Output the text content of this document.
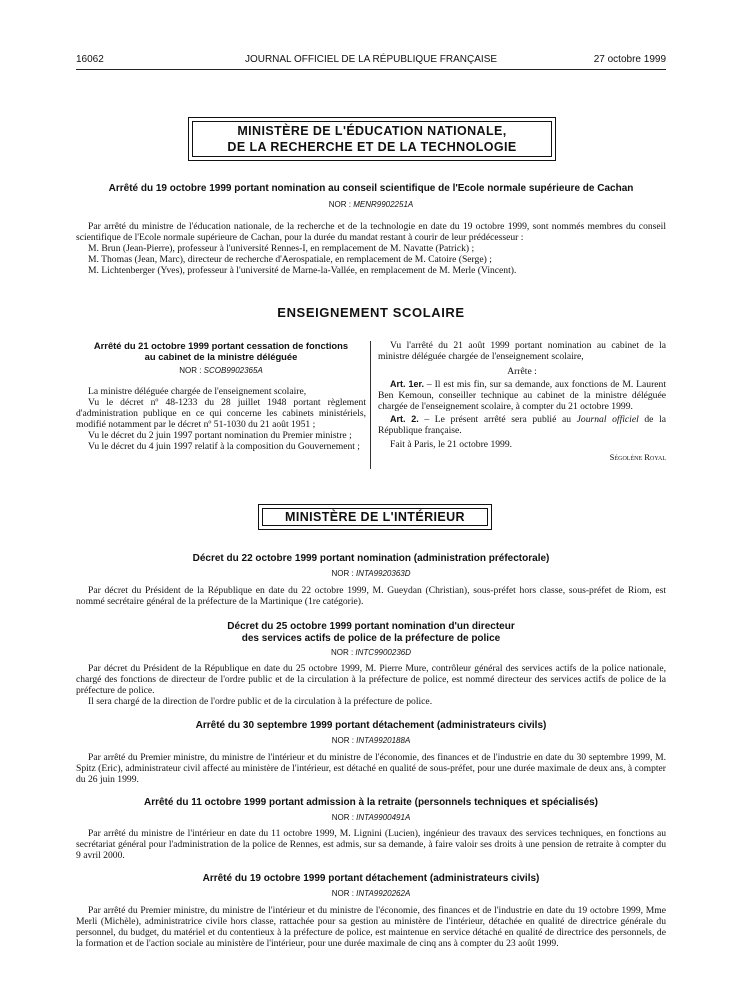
16062	JOURNAL OFFICIEL DE LA RÉPUBLIQUE FRANÇAISE	27 octobre 1999
MINISTÈRE DE L'ÉDUCATION NATIONALE,
DE LA RECHERCHE ET DE LA TECHNOLOGIE
Arrêté du 19 octobre 1999 portant nomination au conseil scientifique de l'Ecole normale supérieure de Cachan
NOR : MENR9902251A

Par arrêté du ministre de l'éducation nationale, de la recherche et de la technologie en date du 19 octobre 1999, sont nommés membres du conseil scientifique de l'Ecole normale supérieure de Cachan, pour la durée du mandat restant à courir de leur prédécesseur :

M. Brun (Jean-Pierre), professeur à l'université Rennes-I, en remplacement de M. Navatte (Patrick) ;

M. Thomas (Jean, Marc), directeur de recherche d'Aerospatiale, en remplacement de M. Catoire (Serge) ;

M. Lichtenberger (Yves), professeur à l'université de Marne-la-Vallée, en remplacement de M. Merle (Vincent).

ENSEIGNEMENT SCOLAIRE
Arrêté du 21 octobre 1999 portant cessation de fonctions
au cabinet de la ministre déléguée
NOR : SCOB9902365A

La ministre déléguée chargée de l'enseignement scolaire,

Vu le décret nº 48-1233 du 28 juillet 1948 portant règlement d'administration publique en ce qui concerne les cabinets ministériels, modifié notamment par le décret nº 51-1030 du 21 août 1951 ;

Vu le décret du 2 juin 1997 portant nomination du Premier ministre ;

Vu le décret du 4 juin 1997 relatif à la composition du Gouvernement ;

Vu l'arrêté du 21 août 1999 portant nomination au cabinet de la ministre déléguée chargée de l'enseignement scolaire,

Arrête :

Art. 1er. – Il est mis fin, sur sa demande, aux fonctions de M. Laurent Ben Kemoun, conseiller technique au cabinet de la ministre déléguée chargée de l'enseignement scolaire, à compter du 21 octobre 1999.

Art. 2. – Le présent arrêté sera publié au Journal officiel de la République française.

Fait à Paris, le 21 octobre 1999.

Ségolène Royal

MINISTÈRE DE L'INTÉRIEUR
Décret du 22 octobre 1999 portant nomination (administration préfectorale)
NOR : INTA9920363D

Par décret du Président de la République en date du 22 octobre 1999, M. Gueydan (Christian), sous-préfet hors classe, sous-préfet de Riom, est nommé secrétaire général de la préfecture de la Martinique (1re catégorie).

Décret du 25 octobre 1999 portant nomination d'un directeur
des services actifs de police de la préfecture de police
NOR : INTC9900236D

Par décret du Président de la République en date du 25 octobre 1999, M. Pierre Mure, contrôleur général des services actifs de la police nationale, chargé des fonctions de directeur de l'ordre public et de la circulation à la préfecture de police, est nommé directeur des services actifs de police de la préfecture de police.

Il sera chargé de la direction de l'ordre public et de la circulation à la préfecture de police.

Arrêté du 30 septembre 1999 portant détachement (administrateurs civils)
NOR : INTA9920188A

Par arrêté du Premier ministre, du ministre de l'intérieur et du ministre de l'économie, des finances et de l'industrie en date du 30 septembre 1999, M. Spitz (Eric), administrateur civil affecté au ministère de l'intérieur, est détaché en qualité de sous-préfet, pour une durée maximale de deux ans, à compter du 26 juin 1999.

Arrêté du 11 octobre 1999 portant admission à la retraite (personnels techniques et spécialisés)
NOR : INTA9900491A

Par arrêté du ministre de l'intérieur en date du 11 octobre 1999, M. Lignini (Lucien), ingénieur des travaux des services techniques, en fonctions au secrétariat général pour l'administration de la police de Rennes, est admis, sur sa demande, à faire valoir ses droits à une pension de retraite à compter du 9 avril 2000.

Arrêté du 19 octobre 1999 portant détachement (administrateurs civils)
NOR : INTA9920262A

Par arrêté du Premier ministre, du ministre de l'intérieur et du ministre de l'économie, des finances et de l'industrie en date du 19 octobre 1999, Mme Merli (Michèle), administratrice civile hors classe, rattachée pour sa gestion au ministère de l'intérieur, détachée en qualité de directrice générale du personnel, du budget, du matériel et du contentieux à la préfecture de police, est maintenue en service détaché en qualité de directrice des personnels, de la formation et de l'action sociale au ministère de l'intérieur, pour une durée maximale de cinq ans à compter du 23 août 1999.
